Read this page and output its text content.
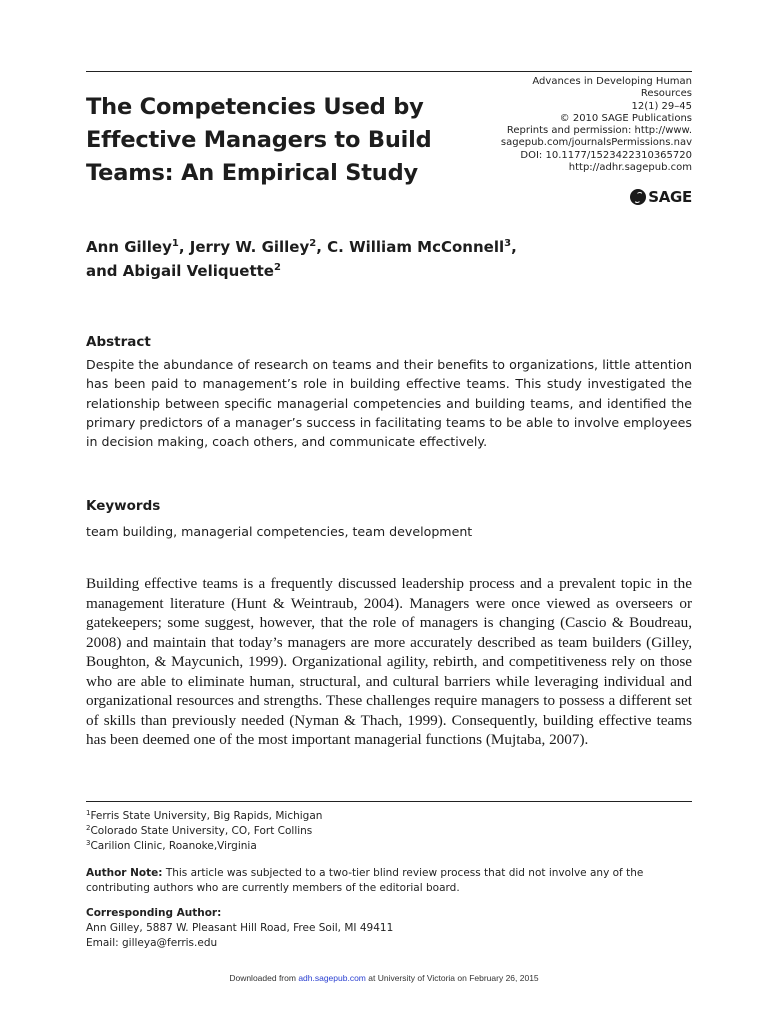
The Competencies Used by
Effective Managers to Build
Teams: An Empirical Study
Advances in Developing Human
Resources
12(1) 29–45
© 2010 SAGE Publications
Reprints and permission: http://www.
sagepub.com/journalsPermissions.nav
DOI: 10.1177/1523422310365720
http://adhr.sagepub.com
SAGE
Ann Gilley$^1$, Jerry W. Gilley$^2$, C. William McConnell$^3$,
and Abigail Veliquette$^2$
Abstract
Despite the abundance of research on teams and their benefits to organizations, little attention has been paid to management’s role in building effective teams. This study investigated the relationship between specific managerial competencies and building teams, and identified the primary predictors of a manager’s success in facilitating teams to be able to involve employees in decision making, coach others, and communicate effectively.
Keywords
team building, managerial competencies, team development
Building effective teams is a frequently discussed leadership process and a prevalent topic in the management literature (Hunt & Weintraub, 2004). Managers were once viewed as overseers or gatekeepers; some suggest, however, that the role of managers is changing (Cascio & Boudreau, 2008) and maintain that today’s managers are more accurately described as team builders (Gilley, Boughton, & Maycunich, 1999). Organizational agility, rebirth, and competitiveness rely on those who are able to eliminate human, structural, and cultural barriers while leveraging individual and organizational resources and strengths. These challenges require managers to possess a different set of skills than previously needed (Nyman & Thach, 1999). Consequently, building effective teams has been deemed one of the most important managerial functions (Mujtaba, 2007).
$^1$Ferris State University, Big Rapids, Michigan
$^2$Colorado State University, CO, Fort Collins
$^3$Carilion Clinic, Roanoke,Virginia
Author Note: This article was subjected to a two-tier blind review process that did not involve any of the contributing authors who are currently members of the editorial board.
Corresponding Author:
Ann Gilley, 5887 W. Pleasant Hill Road, Free Soil, MI 49411
Email: gilleya@ferris.edu
Downloaded from adh.sagepub.com at University of Victoria on February 26, 2015
